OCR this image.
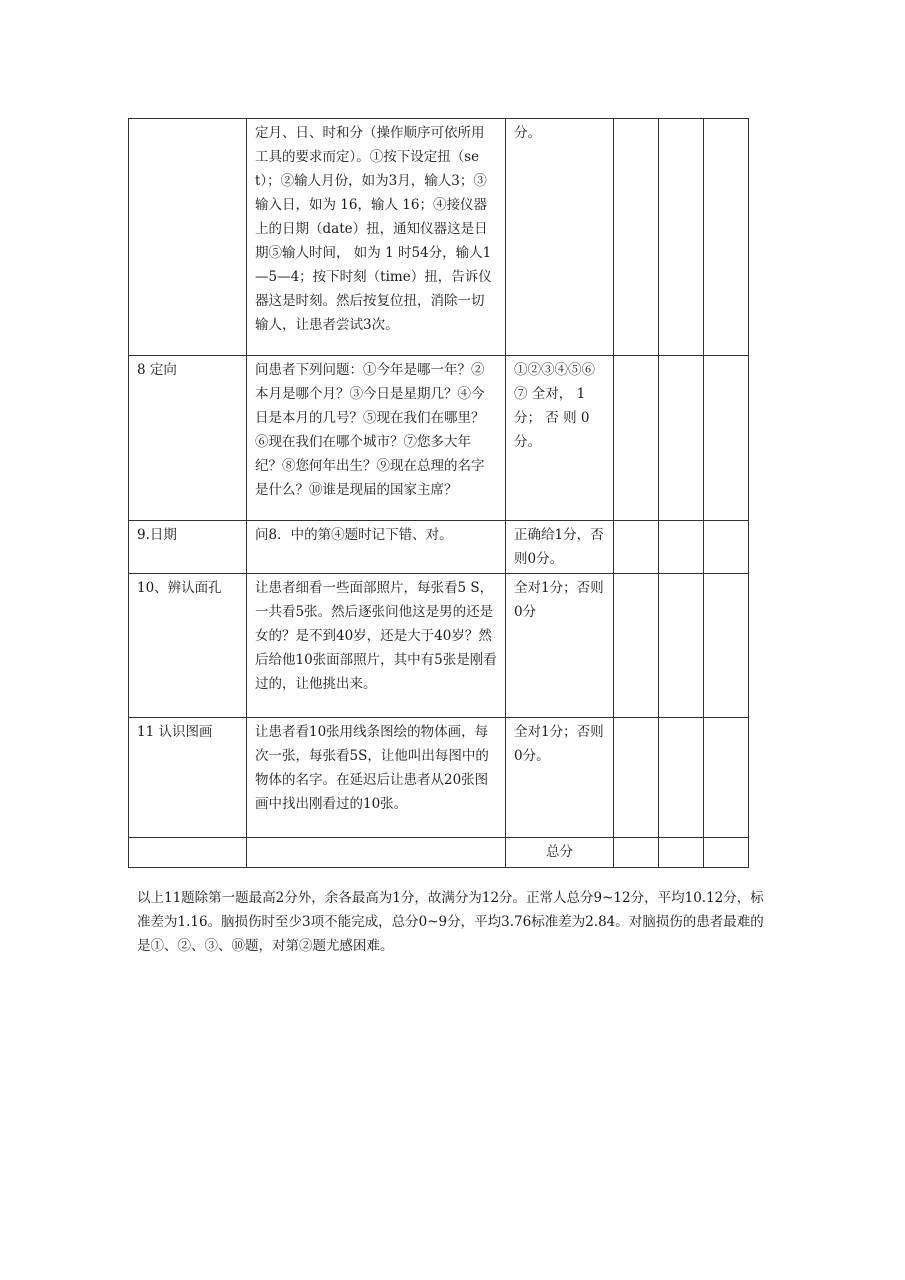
	定月、日、时和分（操作顺序可依所用工具的要求而定）。①按下设定扭（set）；②输人月份，如为3月，输人3；③输入日，如为 16，输人 16；④接仪器上的日期（date）扭，通知仪器这是日期⑤输人时间， 如为 1 时54分，输人1—5—4；按下时刻（time）扭，告诉仪器这是时刻。然后按复位扭，消除一切输人，让患者尝试3次。	分。			
8 定向	问患者下列问题：①今年是哪一年？②本月是哪个月？③今日是星期几？④今日是本月的几号？⑤现在我们在哪里？⑥现在我们在哪个城市？⑦您多大年纪？⑧您何年出生？⑨现在总理的名字是什么？⑩谁是现届的国家主席？	①②③④⑤⑥⑦ 全对， 1 分； 否 则 0 分。			
9.日期	问8．中的第④题时记下错、对。	正确给1分，否则0分。			
10、辨认面孔	让患者细看一些面部照片，每张看5 S，一共看5张。然后逐张问他这是男的还是女的？是不到40岁，还是大于40岁？然后给他10张面部照片，其中有5张是刚看过的，让他挑出来。	全对1分；否则0分			
11 认识图画	让患者看10张用线条图绘的物体画，每次一张，每张看5S，让他叫出每图中的物体的名字。在延迟后让患者从20张图画中找出刚看过的10张。	全对1分；否则0分。			
		总分			

以上11题除第一题最高2分外，余各最高为1分，故满分为12分。正常人总分9~12分，平均10.12分，标准差为1.16。脑损伤时至少3项不能完成，总分0~9分，平均3.76标准差为2.84。对脑损伤的患者最难的是①、②、③、⑩题，对第②题尤感困难。
